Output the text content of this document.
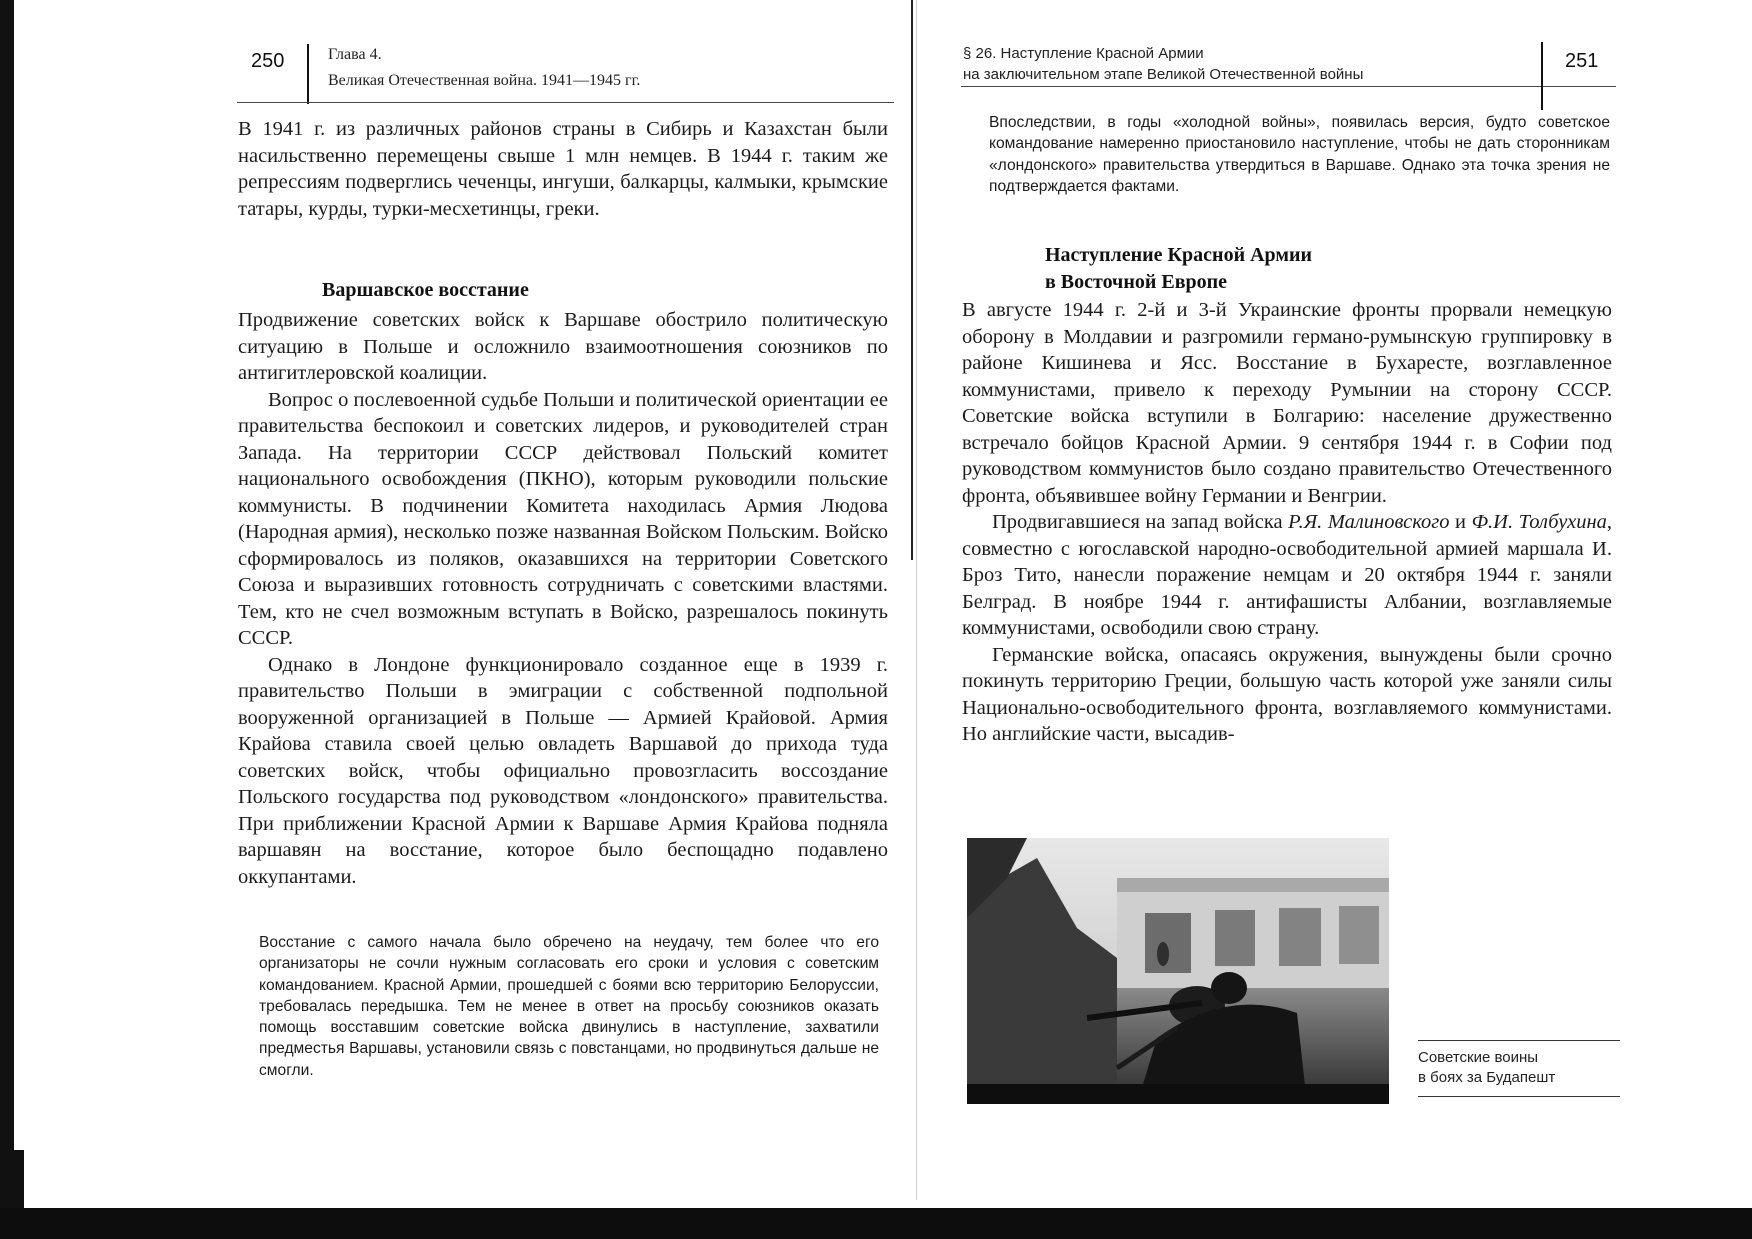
250	Глава 4.
Великая Отечественная война. 1941—1945 гг.
В 1941 г. из различных районов страны в Сибирь и Казахстан были насильственно перемещены свыше 1 млн немцев. В 1944 г. таким же репрессиям подверглись чеченцы, ингуши, балкарцы, калмыки, крымские татары, курды, турки-месхетинцы, греки.
Варшавское восстание

Продвижение советских войск к Варшаве обострило политическую ситуацию в Польше и осложнило взаимоотношения союзников по антигитлеровской коалиции.

Вопрос о послевоенной судьбе Польши и политической ориентации ее правительства беспокоил и советских лидеров, и руководителей стран Запада. На территории СССР действовал Польский комитет национального освобождения (ПКНО), которым руководили польские коммунисты. В подчинении Комитета находилась Армия Людова (Народная армия), несколько позже названная Войском Польским. Войско сформировалось из поляков, оказавшихся на территории Советского Союза и выразивших готовность сотрудничать с советскими властями. Тем, кто не счел возможным вступать в Войско, разрешалось покинуть СССР.

Однако в Лондоне функционировало созданное еще в 1939 г. правительство Польши в эмиграции с собственной подпольной вооруженной организацией в Польше — Армией Крайовой. Армия Крайова ставила своей целью овладеть Варшавой до прихода туда советских войск, чтобы официально провозгласить воссоздание Польского государства под руководством «лондонского» правительства. При приближении Красной Армии к Варшаве Армия Крайова подняла варшавян на восстание, которое было беспощадно подавлено оккупантами.

Восстание с самого начала было обречено на неудачу, тем более что его организаторы не сочли нужным согласовать его сроки и условия с советским командованием. Красной Армии, прошедшей с боями всю территорию Белоруссии, требовалась передышка. Тем не менее в ответ на просьбу союзников оказать помощь восставшим советские войска двинулись в наступление, захватили предместья Варшавы, установили связь с повстанцами, но продвинуться дальше не смогли.
§ 26. Наступление Красной Армии
на заключительном этапе Великой Отечественной войны
251
Впоследствии, в годы «холодной войны», появилась версия, будто советское командование намеренно приостановило наступление, чтобы не дать сторонникам «лондонского» правительства утвердиться в Варшаве. Однако эта точка зрения не подтверждается фактами.
Наступление Красной Армии
в Восточной Европе

В августе 1944 г. 2-й и 3-й Украинские фронты прорвали немецкую оборону в Молдавии и разгромили германо-румынскую группировку в районе Кишинева и Ясс. Восстание в Бухаресте, возглавленное коммунистами, привело к переходу Румынии на сторону СССР. Советские войска вступили в Болгарию: население дружественно встречало бойцов Красной Армии. 9 сентября 1944 г. в Софии под руководством коммунистов было создано правительство Отечественного фронта, объявившее войну Германии и Венгрии.

Продвигавшиеся на запад войска Р.Я. Малиновского и Ф.И. Толбухина, совместно с югославской народно-освободительной армией маршала И. Броз Тито, нанесли поражение немцам и 20 октября 1944 г. заняли Белград. В ноябре 1944 г. антифашисты Албании, возглавляемые коммунистами, освободили свою страну.

Германские войска, опасаясь окружения, вынуждены были срочно покинуть территорию Греции, большую часть которой уже заняли силы Национально-освободительного фронта, возглавляемого коммунистами. Но английские части, высадив-

Советские воины
в боях за Будапешт
